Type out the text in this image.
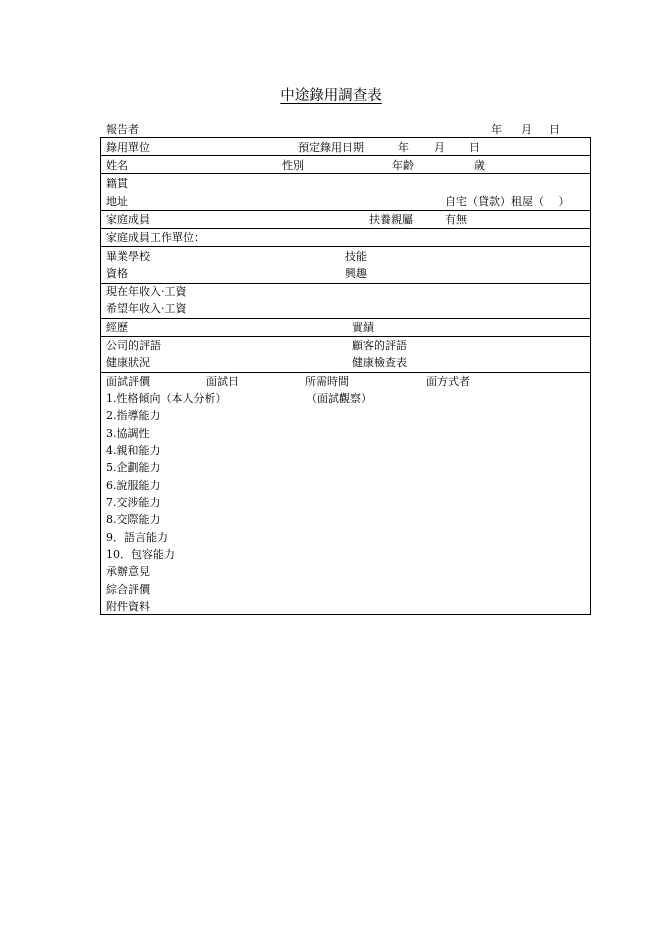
中途錄用調查表
報告者	年 月 日
錄用單位	預定錄用日期	年 月 日
姓名	性別	年齡	歲
籍貫
地址	自宅（貸款）租屋（　 ）
家庭成員	扶養親屬	有無
家庭成員工作單位：
畢業學校	技能
資格	興趣
現在年收入·工資
希望年收入·工資
經歷	實績
公司的評語	顧客的評語
健康狀況	健康檢查表
面試評價	面試日	所需時間	面方式者
1.性格傾向（本人分析）	（面試觀察）
2.指導能力
3.協調性
4.親和能力
5.企劃能力
6.說服能力
7.交涉能力
8.交際能力
9．語言能力
10．包容能力
承辦意見
綜合評價
附件資料
